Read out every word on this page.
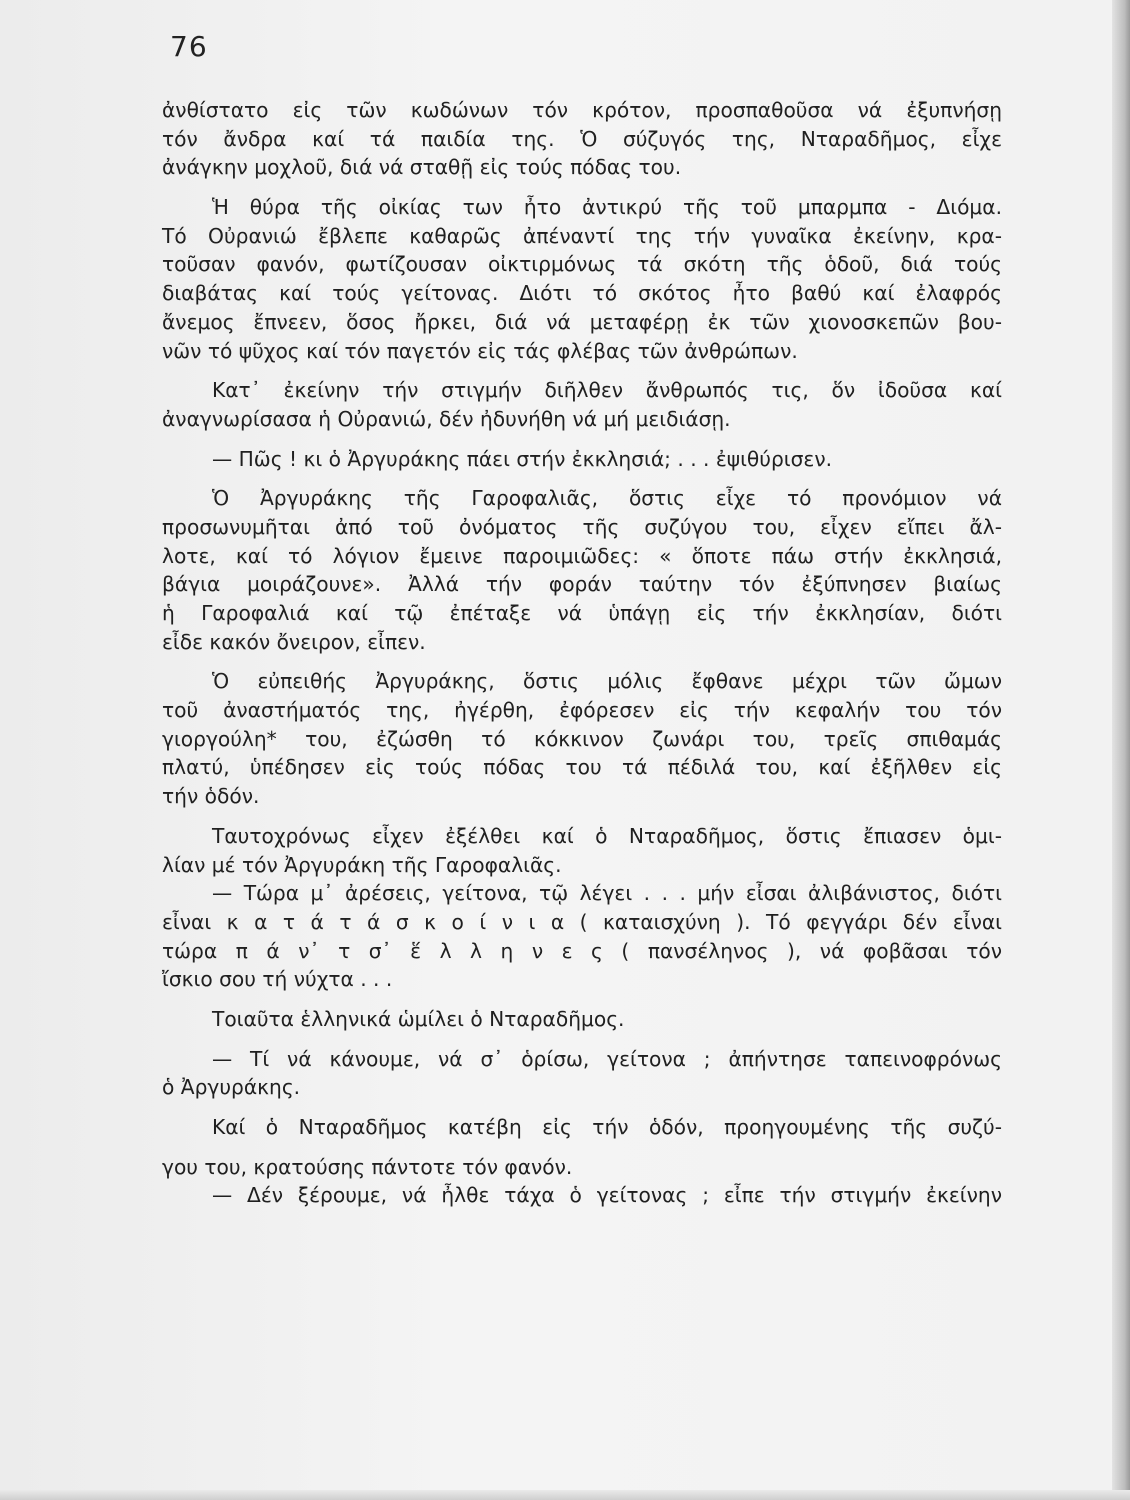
76
ἀνθίστατο εἰς τῶν κωδώνων τόν κρότον, προσπαθοῦσα νά ἐξυπνήσῃ
τόν ἄνδρα καί τά παιδία της. Ὁ σύζυγός της, Νταραδῆμος, εἶχε
ἀνάγκην μοχλοῦ, διά νά σταθῇ εἰς τούς πόδας του.
Ἡ θύρα τῆς οἰκίας των ἦτο ἀντικρύ τῆς τοῦ μπαρμπα - Διόμα.
Τό Οὐρανιώ ἔβλεπε καθαρῶς ἀπέναντί της τήν γυναῖκα ἐκείνην, κρα-
τοῦσαν φανόν, φωτίζουσαν οἰκτιρμόνως τά σκότη τῆς ὁδοῦ, διά τούς
διαβάτας καί τούς γείτονας. Διότι τό σκότος ἦτο βαθύ καί ἐλαφρός
ἄνεμος ἔπνεεν, ὅσος ἤρκει, διά νά μεταφέρῃ ἐκ τῶν χιονοσκεπῶν βου-
νῶν τό ψῦχος καί τόν παγετόν εἰς τάς φλέβας τῶν ἀνθρώπων.
Κατ᾽ ἐκείνην τήν στιγμήν διῆλθεν ἄνθρωπός τις, ὅν ἰδοῦσα καί
ἀναγνωρίσασα ἡ Οὐρανιώ, δέν ἠδυνήθη νά μή μειδιάσῃ.
— Πῶς ! κι ὁ Ἀργυράκης πάει στήν ἐκκλησιά; . . . ἐψιθύρισεν.
Ὁ Ἀργυράκης τῆς Γαροφαλιᾶς, ὅστις εἶχε τό προνόμιον νά
προσωνυμῆται ἀπό τοῦ ὀνόματος τῆς συζύγου του, εἶχεν εἴπει ἄλ-
λοτε, καί τό λόγιον ἔμεινε παροιμιῶδες: « ὅποτε πάω στήν ἐκκλησιά,
βάγια μοιράζουνε». Ἀλλά τήν φοράν ταύτην τόν ἐξύπνησεν βιαίως
ἡ Γαροφαλιά καί τῷ ἐπέταξε νά ὑπάγῃ εἰς τήν ἐκκλησίαν, διότι
εἶδε κακόν ὄνειρον, εἶπεν.
Ὁ εὐπειθής Ἀργυράκης, ὅστις μόλις ἔφθανε μέχρι τῶν ὤμων
τοῦ ἀναστήματός της, ἠγέρθη, ἐφόρεσεν εἰς τήν κεφαλήν του τόν
γιοργούλη* του, ἐζώσθη τό κόκκινον ζωνάρι του, τρεῖς σπιθαμάς
πλατύ, ὑπέδησεν εἰς τούς πόδας του τά πέδιλά του, καί ἐξῆλθεν εἰς
τήν ὁδόν.
Ταυτοχρόνως εἶχεν ἐξέλθει καί ὁ Νταραδῆμος, ὅστις ἔπιασεν ὁμι-
λίαν μέ τόν Ἀργυράκη τῆς Γαροφαλιᾶς.
— Τώρα μ᾽ ἀρέσεις, γείτονα, τῷ λέγει . . . μήν εἶσαι ἀλιβάνιστος, διότι
εἶναι κ α τ ά τ ά σ κ ο ί ν ι α ( καταισχύνη ). Τό φεγγάρι δέν εἶναι
τώρα π ά ν᾽ τ σ᾽ ἕ λ λ η ν ε ς ( πανσέληνος ), νά φοβᾶσαι τόν
ἴσκιο σου τή νύχτα . . .
Τοιαῦτα ἑλληνικά ὡμίλει ὁ Νταραδῆμος.
— Τί νά κάνουμε, νά σ᾽ ὁρίσω, γείτονα ; ἀπήντησε ταπεινοφρόνως
ὁ Ἀργυράκης.
Καί ὁ Νταραδῆμος κατέβη εἰς τήν ὁδόν, προηγουμένης τῆς συζύ-
γου του, κρατούσης πάντοτε τόν φανόν.
— Δέν ξέρουμε, νά ἦλθε τάχα ὁ γείτονας ; εἶπε τήν στιγμήν ἐκείνην
